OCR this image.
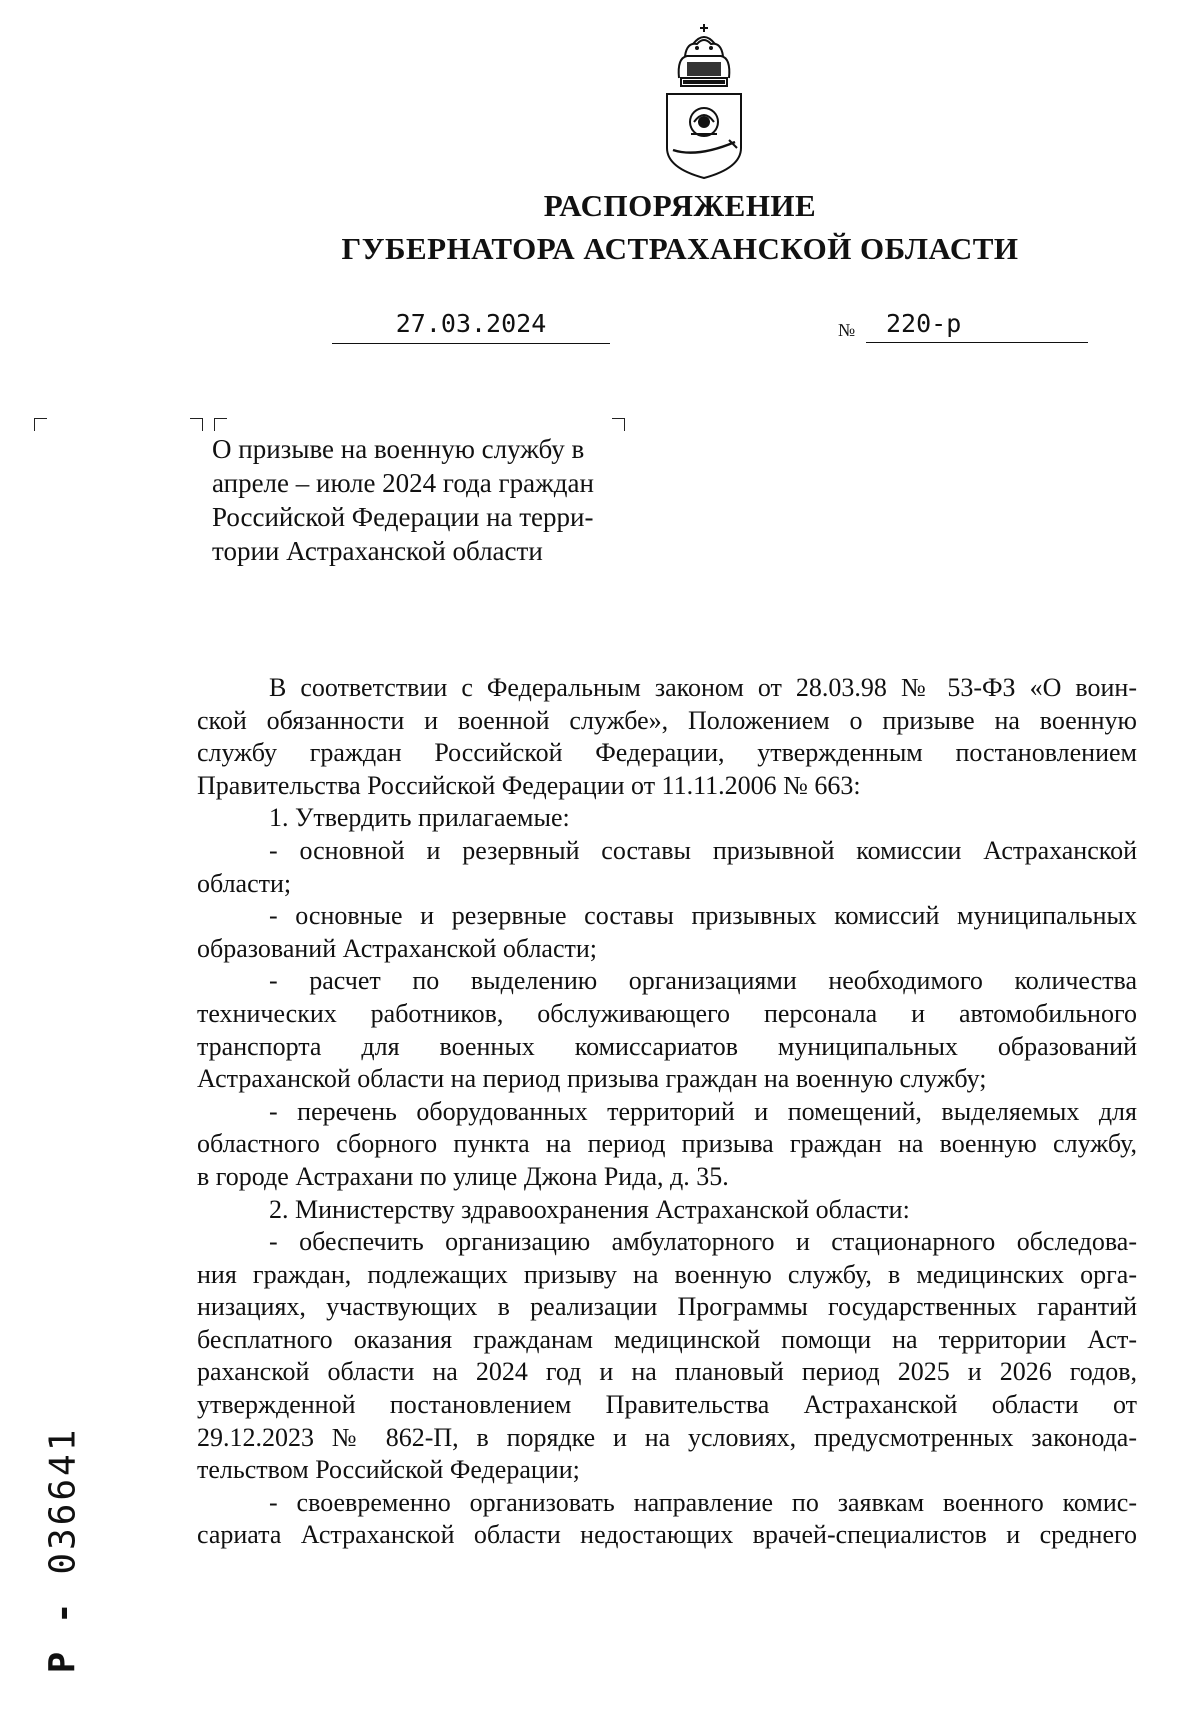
РАСПОРЯЖЕНИЕ
ГУБЕРНАТОРА АСТРАХАНСКОЙ ОБЛАСТИ
27.03.2024	№	220-р
О призыве на военную службу в
апреле – июле 2024 года граждан
Российской Федерации на терри-
тории Астраханской области
В соответствии с Федеральным законом от 28.03.98 № 53-ФЗ «О воин-
ской обязанности и военной службе», Положением о призыве на военную
службу граждан Российской Федерации, утвержденным постановлением
Правительства Российской Федерации от 11.11.2006 № 663:
1. Утвердить прилагаемые:
- основной и резервный составы призывной комиссии Астраханской
области;
- основные и резервные составы призывных комиссий муниципальных
образований Астраханской области;
- расчет по выделению организациями необходимого количества
технических работников, обслуживающего персонала и автомобильного
транспорта для военных комиссариатов муниципальных образований
Астраханской области на период призыва граждан на военную службу;
- перечень оборудованных территорий и помещений, выделяемых для
областного сборного пункта на период призыва граждан на военную службу,
в городе Астрахани по улице Джона Рида, д. 35.
2. Министерству здравоохранения Астраханской области:
- обеспечить организацию амбулаторного и стационарного обследова-
ния граждан, подлежащих призыву на военную службу, в медицинских орга-
низациях, участвующих в реализации Программы государственных гарантий
бесплатного оказания гражданам медицинской помощи на территории Аст-
раханской области на 2024 год и на плановый период 2025 и 2026 годов,
утвержденной постановлением Правительства Астраханской области от
29.12.2023 № 862-П, в порядке и на условиях, предусмотренных законода-
тельством Российской Федерации;
- своевременно организовать направление по заявкам военного комис-
сариата Астраханской области недостающих врачей-специалистов и среднего
Р - 036641
